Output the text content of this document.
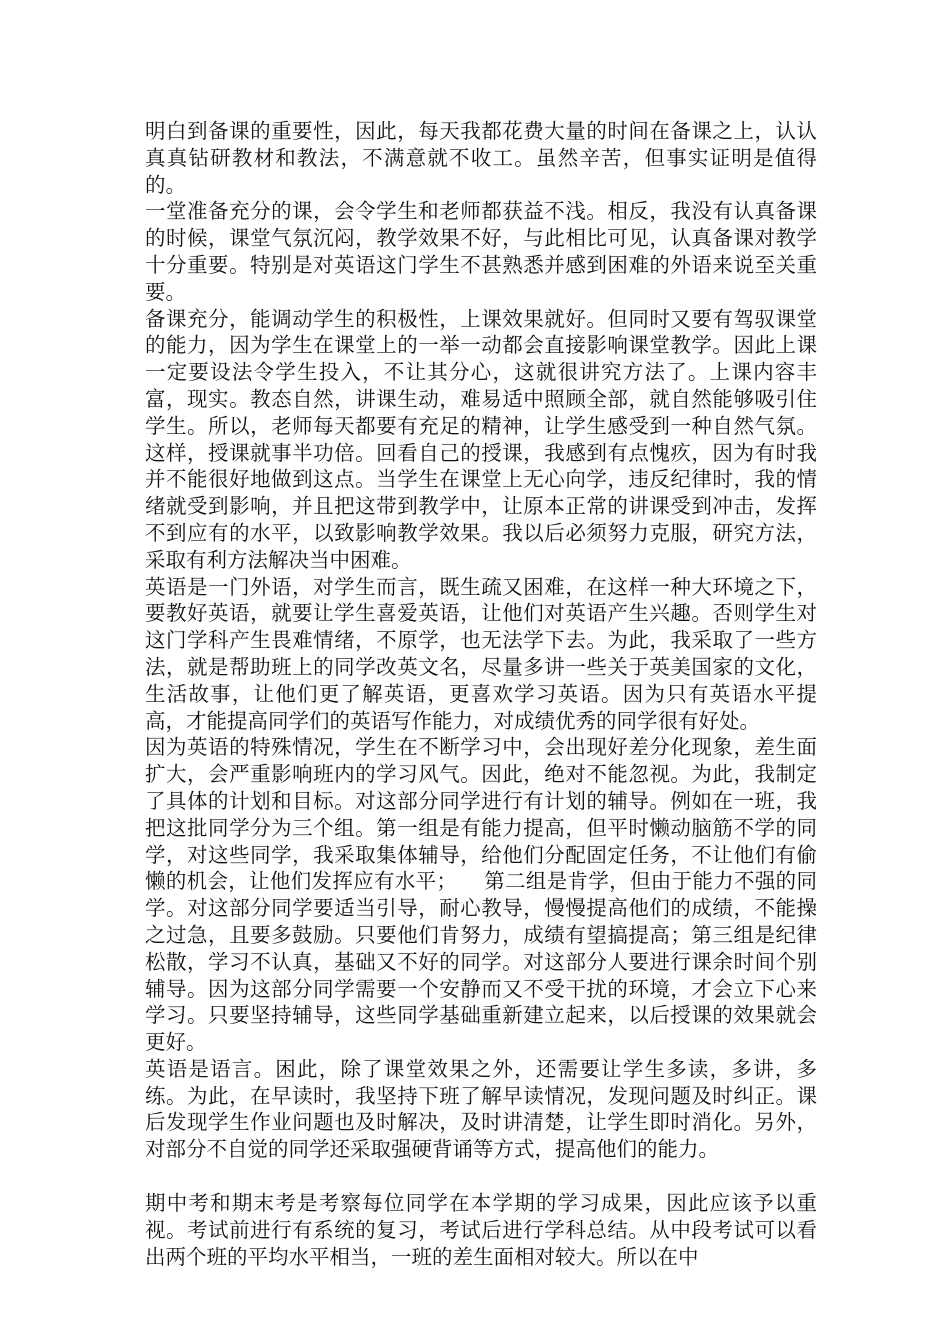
明白到备课的重要性，因此，每天我都花费大量的时间在备课之上，认认真真钻研教材和教法，不满意就不收工。虽然辛苦，但事实证明是值得的。

一堂准备充分的课，会令学生和老师都获益不浅。相反，我没有认真备课的时候，课堂气氛沉闷，教学效果不好，与此相比可见，认真备课对教学十分重要。特别是对英语这门学生不甚熟悉并感到困难的外语来说至关重要。

备课充分，能调动学生的积极性，上课效果就好。但同时又要有驾驭课堂的能力，因为学生在课堂上的一举一动都会直接影响课堂教学。因此上课一定要设法令学生投入，不让其分心，这就很讲究方法了。上课内容丰富，现实。教态自然，讲课生动，难易适中照顾全部，就自然能够吸引住学生。所以，老师每天都要有充足的精神，让学生感受到一种自然气氛。这样，授课就事半功倍。回看自己的授课，我感到有点愧疚，因为有时我并不能很好地做到这点。当学生在课堂上无心向学，违反纪律时，我的情绪就受到影响，并且把这带到教学中，让原本正常的讲课受到冲击，发挥不到应有的水平，以致影响教学效果。我以后必须努力克服，研究方法，采取有利方法解决当中困难。

英语是一门外语，对学生而言，既生疏又困难，在这样一种大环境之下，要教好英语，就要让学生喜爱英语，让他们对英语产生兴趣。否则学生对这门学科产生畏难情绪，不原学，也无法学下去。为此，我采取了一些方法，就是帮助班上的同学改英文名，尽量多讲一些关于英美国家的文化，生活故事，让他们更了解英语，更喜欢学习英语。因为只有英语水平提高，才能提高同学们的英语写作能力，对成绩优秀的同学很有好处。

因为英语的特殊情况，学生在不断学习中，会出现好差分化现象，差生面扩大，会严重影响班内的学习风气。因此，绝对不能忽视。为此，我制定了具体的计划和目标。对这部分同学进行有计划的辅导。例如在一班，我把这批同学分为三个组。第一组是有能力提高，但平时懒动脑筋不学的同学，对这些同学，我采取集体辅导，给他们分配固定任务，不让他们有偷懒的机会，让他们发挥应有水平；    第二组是肯学，但由于能力不强的同学。对这部分同学要适当引导，耐心教导，慢慢提高他们的成绩，不能操之过急，且要多鼓励。只要他们肯努力，成绩有望搞提高；第三组是纪律松散，学习不认真，基础又不好的同学。对这部分人要进行课余时间个别辅导。因为这部分同学需要一个安静而又不受干扰的环境，才会立下心来学习。只要坚持辅导，这些同学基础重新建立起来，以后授课的效果就会更好。

英语是语言。困此，除了课堂效果之外，还需要让学生多读，多讲，多练。为此，在早读时，我坚持下班了解早读情况，发现问题及时纠正。课后发现学生作业问题也及时解决，及时讲清楚，让学生即时消化。另外，对部分不自觉的同学还采取强硬背诵等方式，提高他们的能力。

期中考和期末考是考察每位同学在本学期的学习成果，因此应该予以重视。考试前进行有系统的复习，考试后进行学科总结。从中段考试可以看出两个班的平均水平相当，一班的差生面相对较大。所以在中
